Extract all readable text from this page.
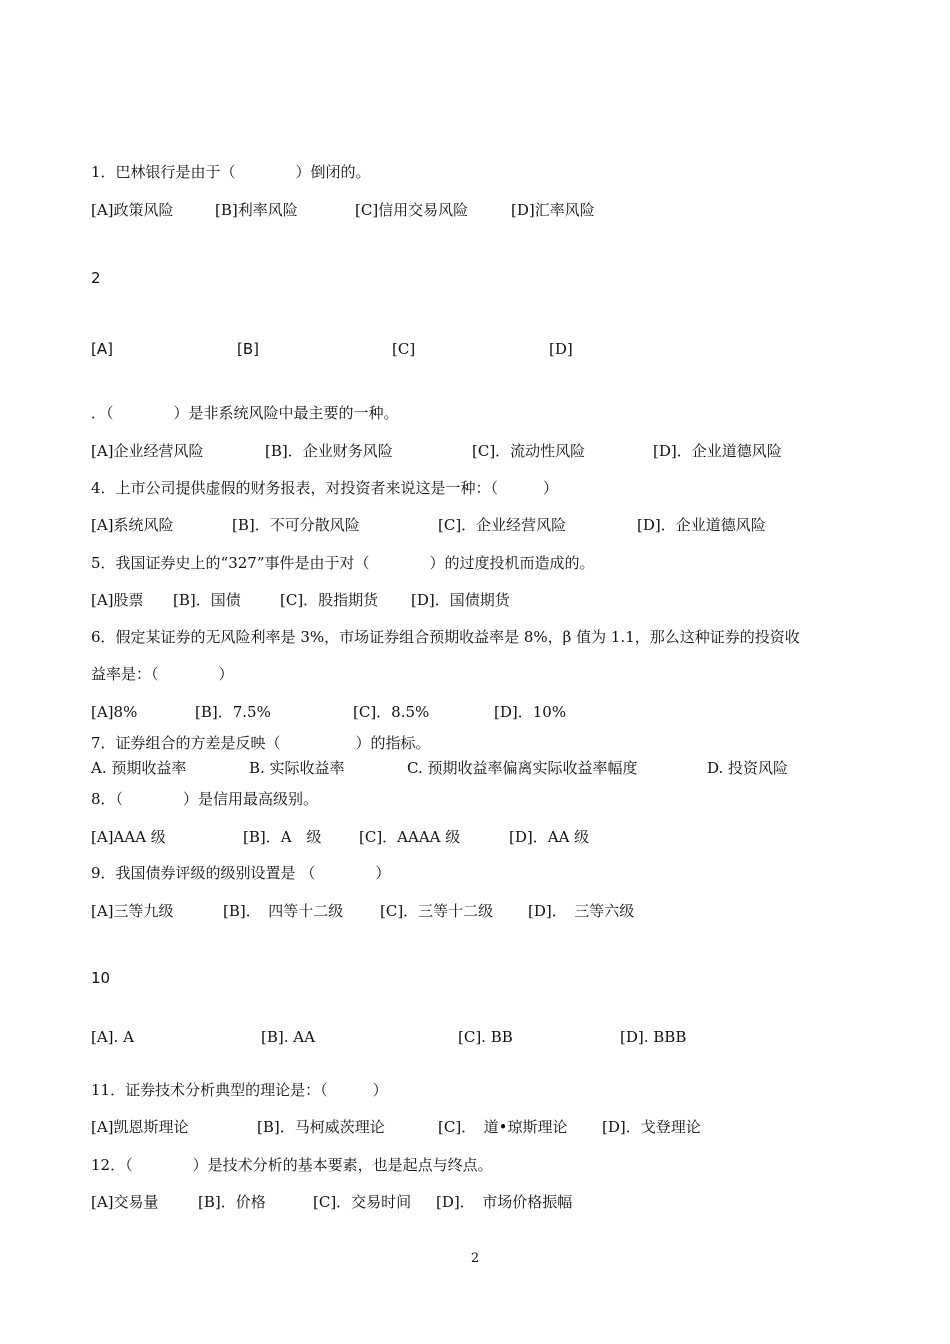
1．巴林银行是由于（　　　　）倒闭的。
[A]政策风险	[B]利率风险	[C]信用交易风险	[D]汇率风险
2
[A]	[B]	[C]	[D]
．（　　　　）是非系统风险中最主要的一种。
[A]企业经营风险	[B]．企业财务风险	[C]．流动性风险	[D]．企业道德风险
4．上市公司提供虚假的财务报表，对投资者来说这是一种：（　　　）
[A]系统风险	[B]．不可分散风险	[C]．企业经营风险	[D]．企业道德风险
5．我国证券史上的“327”事件是由于对（　　　　）的过度投机而造成的。
[A]股票 [B]．国债	[C]．股指期货 [D]．国债期货
6．假定某证券的无风险利率是 3%，市场证券组合预期收益率是 8%，β 值为 1.1，那么这种证券的投资收
益率是：（　　　　）
[A]8%	[B]．7.5%	[C]．8.5%	[D]．10%
7．证券组合的方差是反映（　　　　　）的指标。
A. 预期收益率	B. 实际收益率	C. 预期收益率偏离实际收益率幅度	D. 投资风险
8．（　　　　）是信用最高级别。
[A]AAA 级	[B]．A　级 [C]．AAAA 级	[D]．AA 级
9．我国债券评级的级别设置是 （　　　　）
[A]三等九级	[B]．　四等十二级 [C]．三等十二级 [D]．　三等六级
10
[A]. A	[B]. AA	[C]. BB	[D]. BBB
11．证券技术分析典型的理论是：（　　　）
[A]凯恩斯理论	[B]．马柯威茨理论	[C]．　道•琼斯理论 [D]．戈登理论
12．（　　　　）是技术分析的基本要素，也是起点与终点。
[A]交易量	[B]．价格	[C]．交易时间 [D]．　市场价格振幅
2
